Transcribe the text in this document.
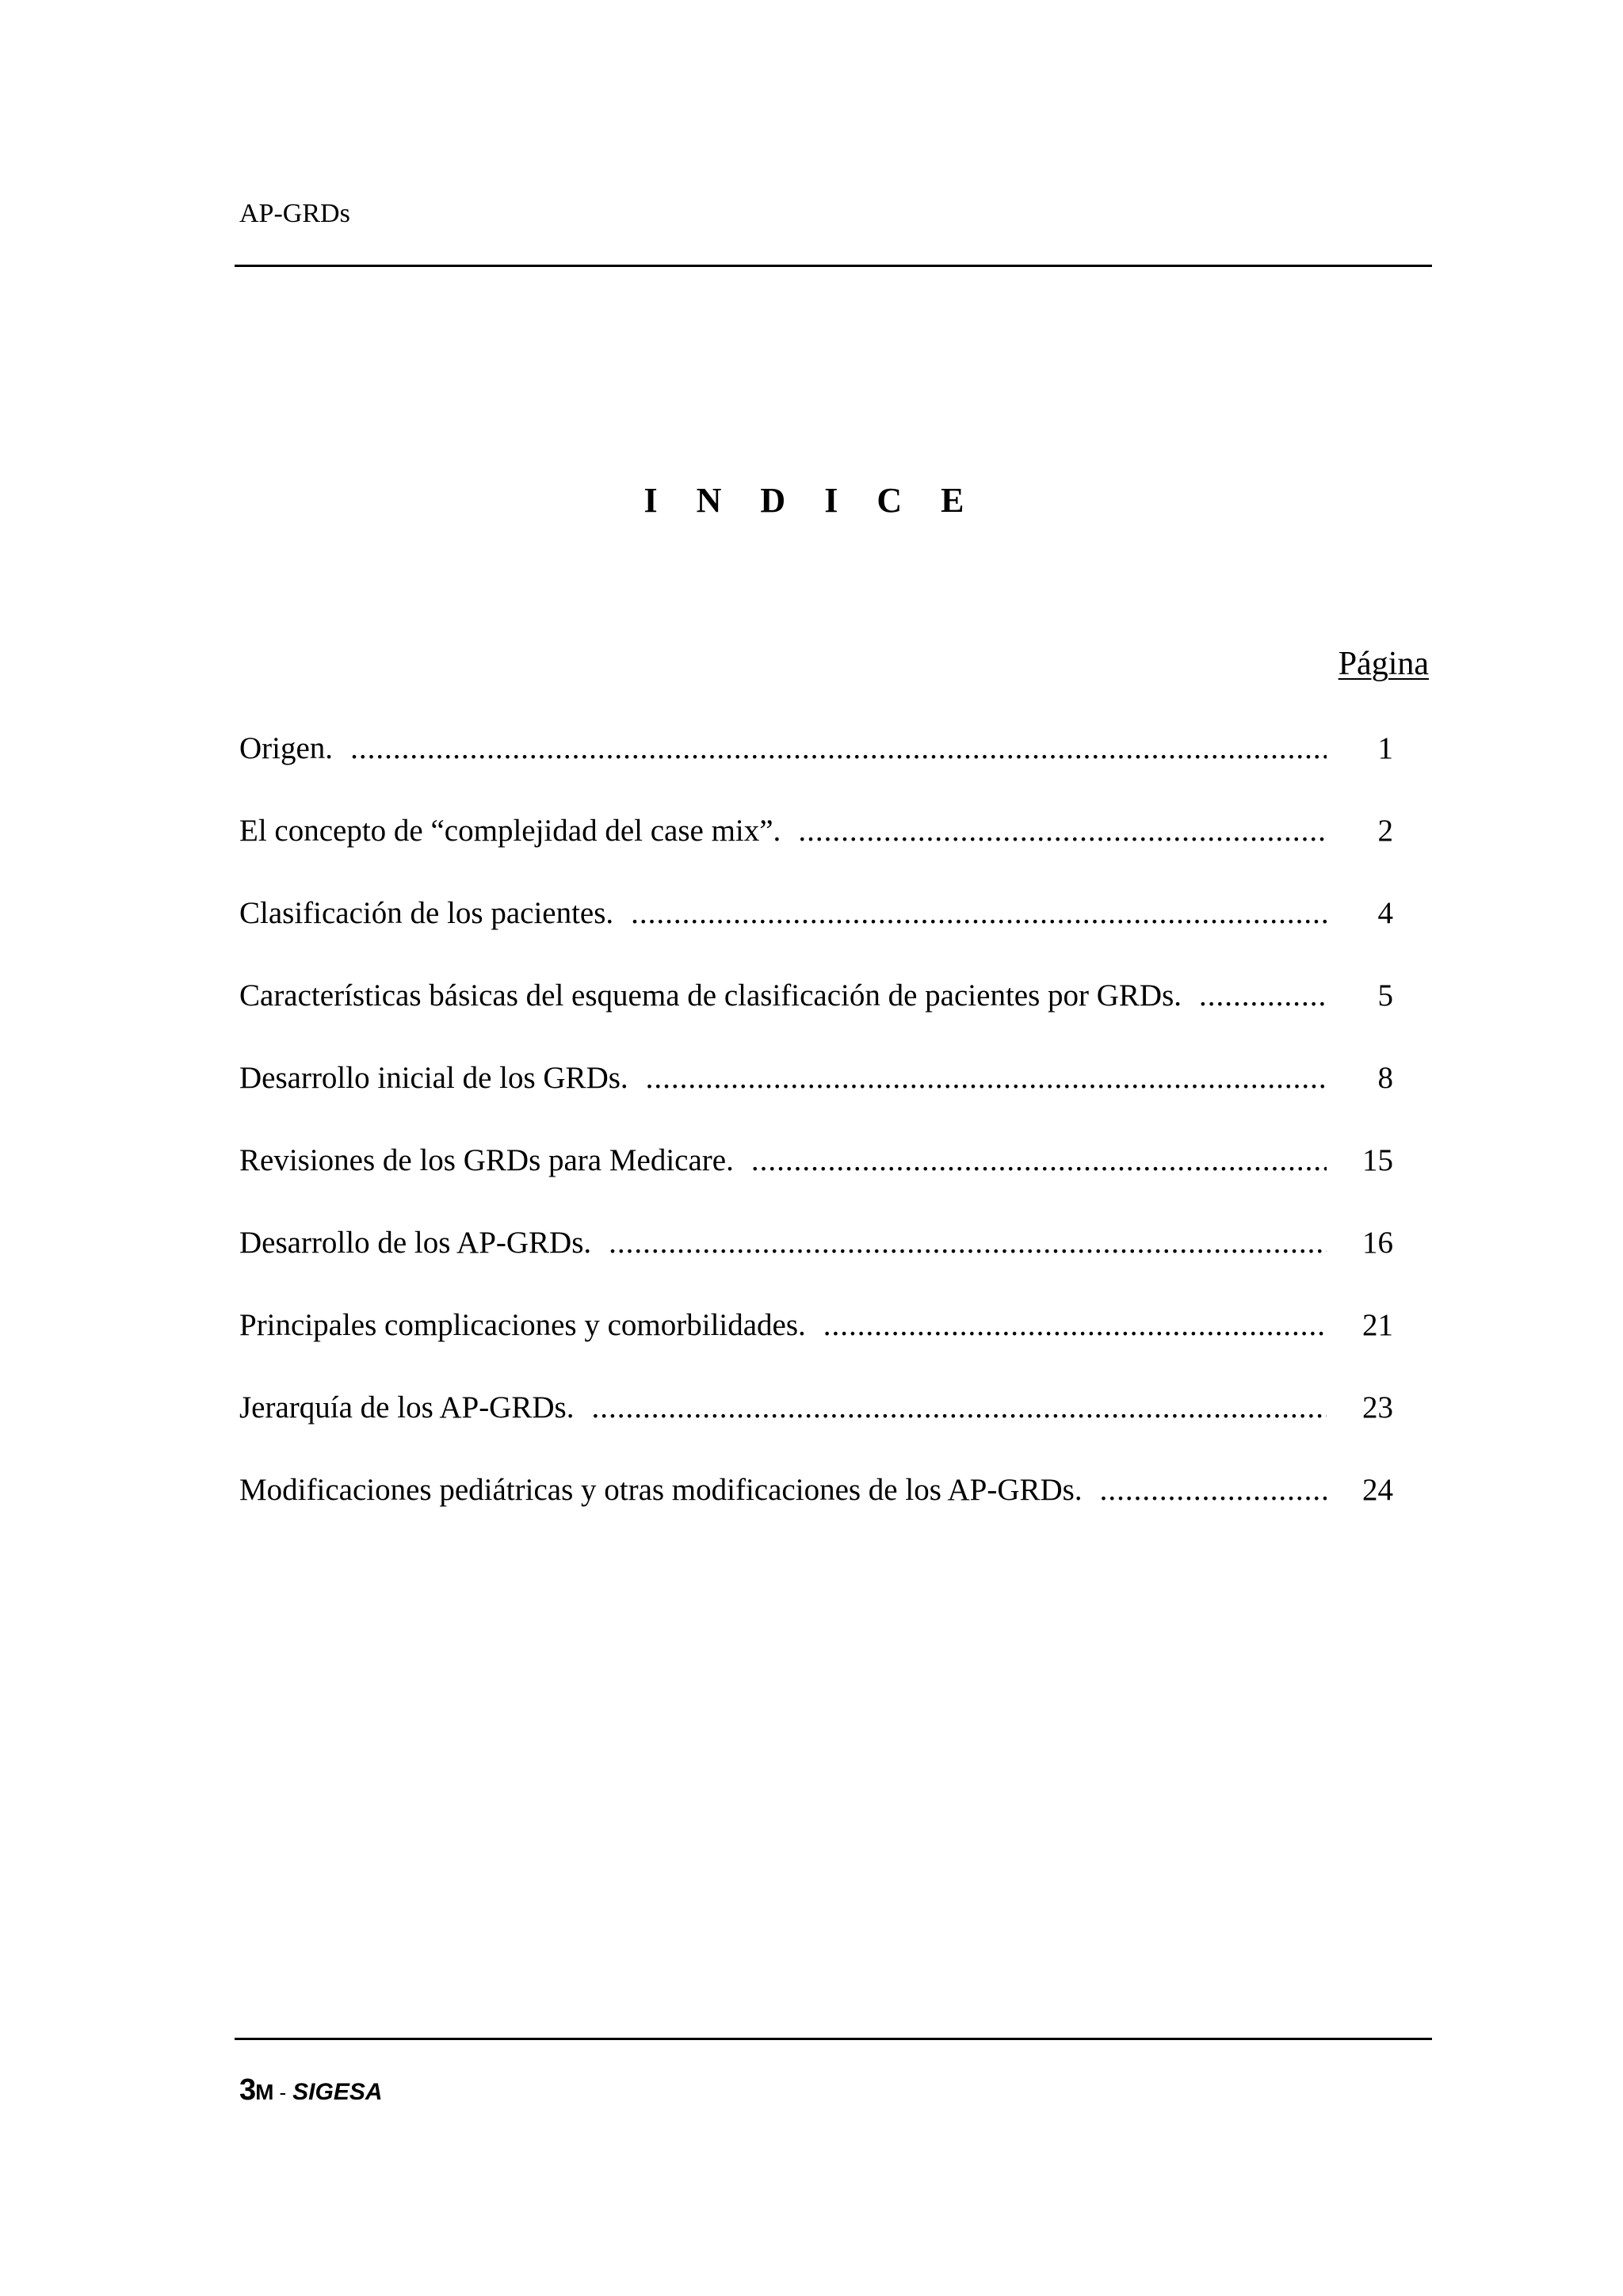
AP-GRDs
I N D I C E
Página
Origen. .....	1
El concepto de “complejidad del case mix”. .....	2
Clasificación de los pacientes. .....	4
Características básicas del esquema de clasificación de pacientes por GRDs. .....	5
Desarrollo inicial de los GRDs. .....	8
Revisiones de los GRDs para Medicare. .....	15
Desarrollo de los AP-GRDs. .....	16
Principales complicaciones y comorbilidades. .....	21
Jerarquía de los AP-GRDs. .....	23
Modificaciones pediátricas y otras modificaciones de los AP-GRDs. .....	24
3M - SIGESA
